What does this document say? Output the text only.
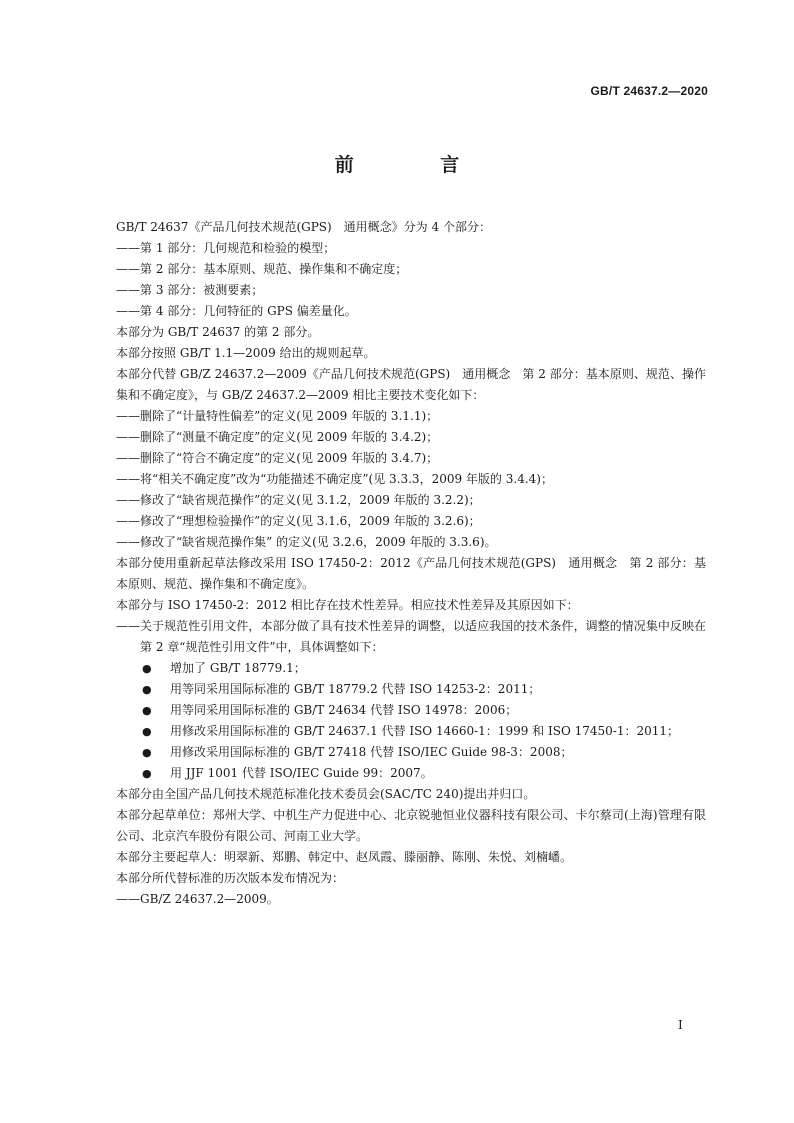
GB/T 24637.2—2020
前 言

GB/T 24637《产品几何技术规范(GPS)　通用概念》分为 4 个部分：

——第 1 部分：几何规范和检验的模型；

——第 2 部分：基本原则、规范、操作集和不确定度；

——第 3 部分：被测要素；

——第 4 部分：几何特征的 GPS 偏差量化。

本部分为 GB/T 24637 的第 2 部分。

本部分按照 GB/T 1.1—2009 给出的规则起草。

本部分代替 GB/Z 24637.2—2009《产品几何技术规范(GPS)　通用概念　第 2 部分：基本原则、规范、操作集和不确定度》，与 GB/Z 24637.2—2009 相比主要技术变化如下：

——删除了“计量特性偏差”的定义(见 2009 年版的 3.1.1)；

——删除了“测量不确定度”的定义(见 2009 年版的 3.4.2)；

——删除了“符合不确定度”的定义(见 2009 年版的 3.4.7)；

——将“相关不确定度”改为“功能描述不确定度”(见 3.3.3，2009 年版的 3.4.4)；

——修改了“缺省规范操作”的定义(见 3.1.2，2009 年版的 3.2.2)；

——修改了“理想检验操作”的定义(见 3.1.6，2009 年版的 3.2.6)；

——修改了“缺省规范操作集” 的定义(见 3.2.6，2009 年版的 3.3.6)。

本部分使用重新起草法修改采用 ISO 17450-2：2012《产品几何技术规范(GPS)　通用概念　第 2 部分：基本原则、规范、操作集和不确定度》。

本部分与 ISO 17450-2：2012 相比存在技术性差异。相应技术性差异及其原因如下：

——关于规范性引用文件，本部分做了具有技术性差异的调整，以适应我国的技术条件，调整的情况集中反映在第 2 章“规范性引用文件”中，具体调整如下：

● 增加了 GB/T 18779.1；

● 用等同采用国际标准的 GB/T 18779.2 代替 ISO 14253-2：2011；

● 用等同采用国际标准的 GB/T 24634 代替 ISO 14978：2006；

● 用修改采用国际标准的 GB/T 24637.1 代替 ISO 14660-1：1999 和 ISO 17450-1：2011；

● 用修改采用国际标准的 GB/T 27418 代替 ISO/IEC Guide 98-3：2008；

● 用 JJF 1001 代替 ISO/IEC Guide 99：2007。

本部分由全国产品几何技术规范标准化技术委员会(SAC/TC 240)提出并归口。

本部分起草单位：郑州大学、中机生产力促进中心、北京锐驰恒业仪器科技有限公司、卡尔蔡司(上海)管理有限公司、北京汽车股份有限公司、河南工业大学。

本部分主要起草人：明翠新、郑鹏、韩定中、赵凤霞、滕丽静、陈刚、朱悦、刘楠嶓。

本部分所代替标准的历次版本发布情况为：

——GB/Z 24637.2—2009。

I
